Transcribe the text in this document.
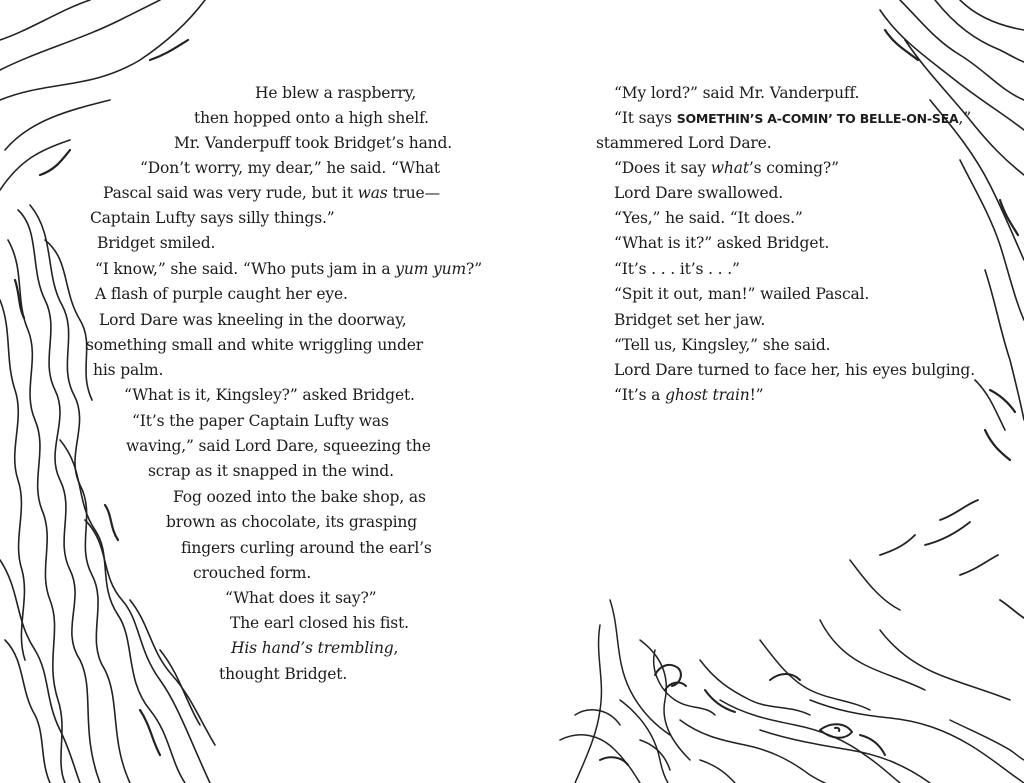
He blew a raspberry,
then hopped onto a high shelf.
Mr. Vanderpuff took Bridget’s hand.
“Don’t worry, my dear,” he said. “What
Pascal said was very rude, but it was true—
Captain Lufty says silly things.”
Bridget smiled.
“I know,” she said. “Who puts jam in a yum yum?”
A flash of purple caught her eye.
Lord Dare was kneeling in the doorway,
something small and white wriggling under
his palm.
“What is it, Kingsley?” asked Bridget.
“It’s the paper Captain Lufty was
waving,” said Lord Dare, squeezing the
scrap as it snapped in the wind.
Fog oozed into the bake shop, as
brown as chocolate, its grasping
fingers curling around the earl’s
crouched form.
“What does it say?”
The earl closed his fist.
His hand’s trembling,
thought Bridget.
“My lord?” said Mr. Vanderpuff.
“It says SOMETHIN’S A-COMIN’ TO BELLE-ON-SEA,”
stammered Lord Dare.
“Does it say what’s coming?”
Lord Dare swallowed.
“Yes,” he said. “It does.”
“What is it?” asked Bridget.
“It’s . . . it’s . . .”
“Spit it out, man!” wailed Pascal.
Bridget set her jaw.
“Tell us, Kingsley,” she said.
Lord Dare turned to face her, his eyes bulging.
“It’s a ghost train!”
